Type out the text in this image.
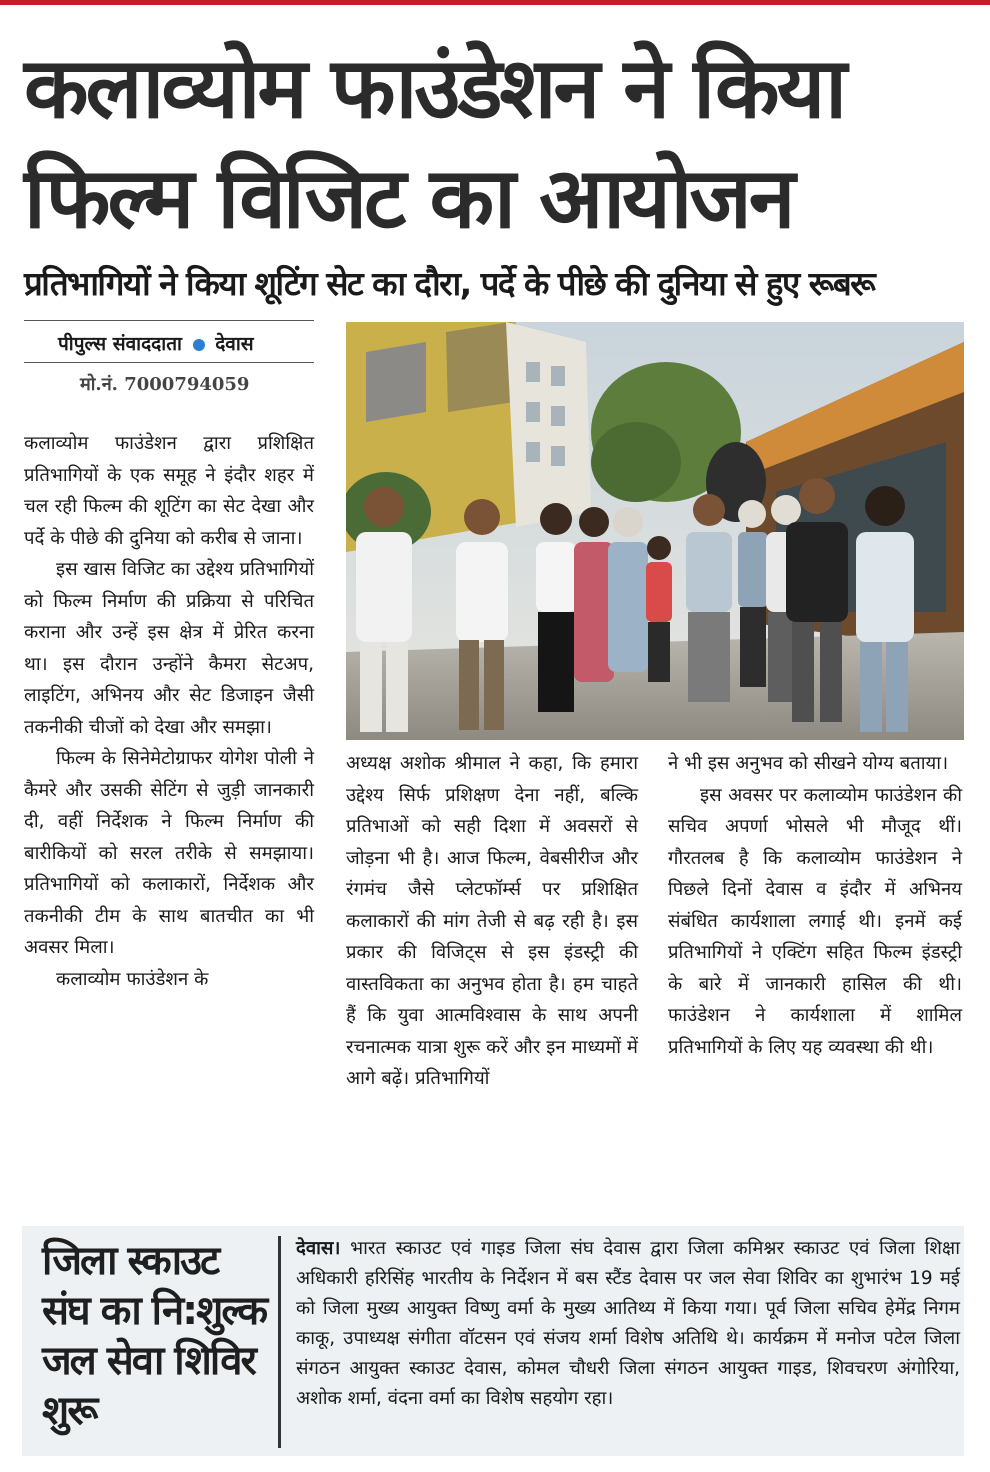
कलाव्योम फाउंडेशन ने किया
फिल्म विजिट का आयोजन
प्रतिभागियों ने किया शूटिंग सेट का दौरा, पर्दे के पीछे की दुनिया से हुए रूबरू
पीपुल्स संवाददाता देवास
मो.नं. 7000794059

कलाव्योम फाउंडेशन द्वारा प्रशिक्षित प्रतिभागियों के एक समूह ने इंदौर शहर में चल रही फिल्म की शूटिंग का सेट देखा और पर्दे के पीछे की दुनिया को करीब से जाना।

इस खास विजिट का उद्देश्य प्रतिभागियों को फिल्म निर्माण की प्रक्रिया से परिचित कराना और उन्हें इस क्षेत्र में प्रेरित करना था। इस दौरान उन्होंने कैमरा सेटअप, लाइटिंग, अभिनय और सेट डिजाइन जैसी तकनीकी चीजों को देखा और समझा।

फिल्म के सिनेमेटोग्राफर योगेश पोली ने कैमरे और उसकी सेटिंग से जुड़ी जानकारी दी, वहीं निर्देशक ने फिल्म निर्माण की बारीकियों को सरल तरीके से समझाया। प्रतिभागियों को कलाकारों, निर्देशक और तकनीकी टीम के साथ बातचीत का भी अवसर मिला।

कलाव्योम फाउंडेशन के

अध्यक्ष अशोक श्रीमाल ने कहा, कि हमारा उद्देश्य सिर्फ प्रशिक्षण देना नहीं, बल्कि प्रतिभाओं को सही दिशा में अवसरों से जोड़ना भी है। आज फिल्म, वेबसीरीज और रंगमंच जैसे प्लेटफॉर्म्स पर प्रशिक्षित कलाकारों की मांग तेजी से बढ़ रही है। इस प्रकार की विजिट्स से इस इंडस्ट्री की वास्तविकता का अनुभव होता है। हम चाहते हैं कि युवा आत्मविश्वास के साथ अपनी रचनात्मक यात्रा शुरू करें और इन माध्यमों में आगे बढ़ें। प्रतिभागियों

ने भी इस अनुभव को सीखने योग्य बताया।

इस अवसर पर कलाव्योम फाउंडेशन की सचिव अपर्णा भोसले भी मौजूद थीं। गौरतलब है कि कलाव्योम फाउंडेशन ने पिछले दिनों देवास व इंदौर में अभिनय संबंधित कार्यशाला लगाई थी। इनमें कई प्रतिभागियों ने एक्टिंग सहित फिल्म इंडस्ट्री के बारे में जानकारी हासिल की थी। फाउंडेशन ने कार्यशाला में शामिल प्रतिभागियों के लिए यह व्यवस्था की थी।

जिला स्काउट संघ का नि:शुल्क जल सेवा शिविर शुरू
देवास। भारत स्काउट एवं गाइड जिला संघ देवास द्वारा जिला कमिश्नर स्काउट एवं जिला शिक्षा अधिकारी हरिसिंह भारतीय के निर्देशन में बस स्टैंड देवास पर जल सेवा शिविर का शुभारंभ 19 मई को जिला मुख्य आयुक्त विष्णु वर्मा के मुख्य आतिथ्य में किया गया। पूर्व जिला सचिव हेमेंद्र निगम काकू, उपाध्यक्ष संगीता वॉटसन एवं संजय शर्मा विशेष अतिथि थे। कार्यक्रम में मनोज पटेल जिला संगठन आयुक्त स्काउट देवास, कोमल चौधरी जिला संगठन आयुक्त गाइड, शिवचरण अंगोरिया, अशोक शर्मा, वंदना वर्मा का विशेष सहयोग रहा।
